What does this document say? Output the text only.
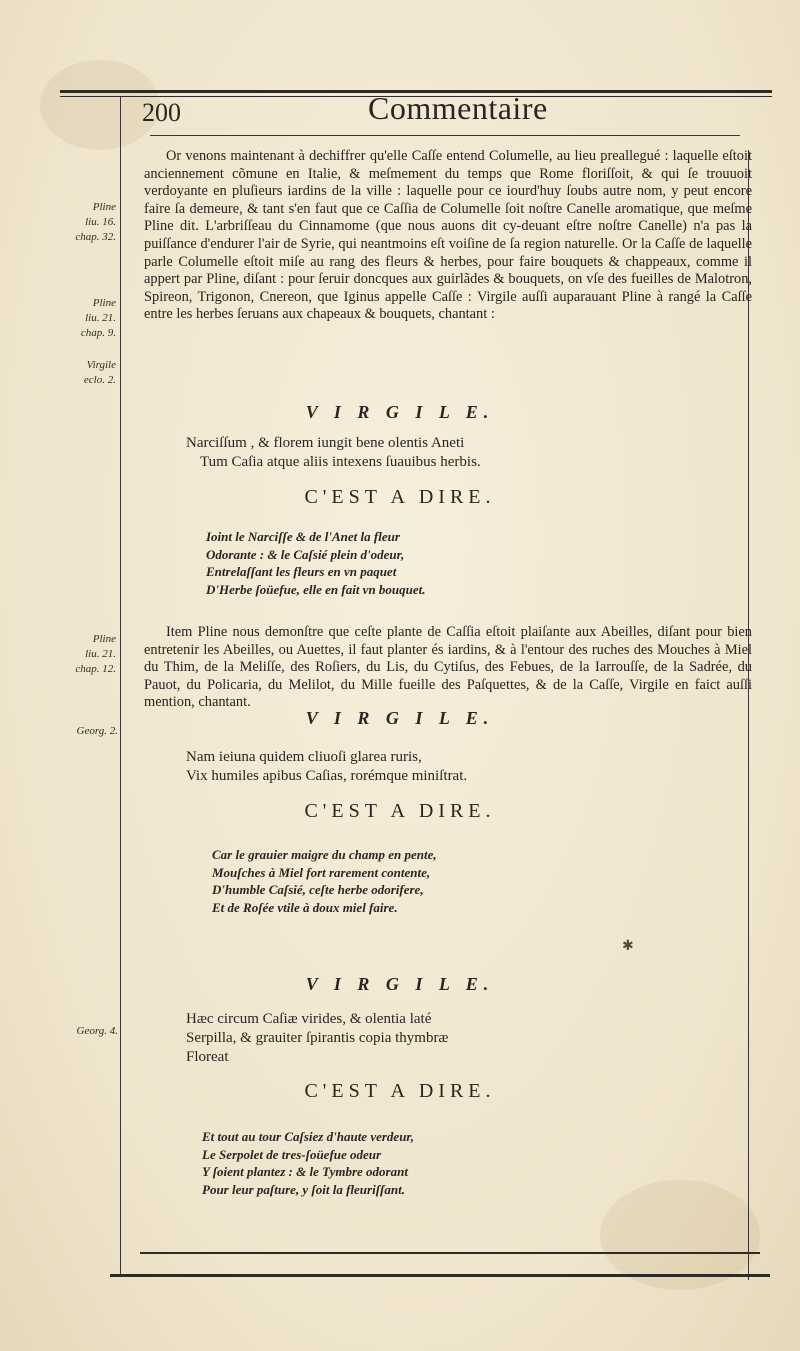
200	Commentaire
Pline
liu. 16.
chap. 32.
Pline
liu. 21.
chap. 9.
Virgile
eclo. 2.
Pline
liu. 21.
chap. 12.
Georg. 2.
Georg. 4.

Or venons maintenant à dechiffrer qu'elle Caſſe entend Columelle, au lieu preallegué : laquelle eſtoit anciennement cõmune en Italie, & meſmement du temps que Rome floriſſoit, & qui ſe trouuoit verdoyante en pluſieurs iardins de la ville : laquelle pour ce iourd'huy ſoubs autre nom, y peut encore faire ſa demeure, & tant s'en faut que ce Caſſia de Columelle ſoit noſtre Canelle aromatique, que meſme Pline dit. L'arbriſſeau du Cinnamome (que nous auons dit cy-deuant eſtre noſtre Canelle) n'a pas la puiſſance d'endurer l'air de Syrie, qui neantmoins eſt voiſine de ſa region naturelle. Or la Caſſe de laquelle parle Columelle eſtoit miſe au rang des fleurs & herbes, pour faire bouquets & chappeaux, comme il appert par Pline, diſant : pour ſeruir doncques aux guirlãdes & bouquets, on vſe des fueilles de Malotron, Spireon, Trigonon, Cnereon, que Iginus appelle Caſſe : Virgile auſſi auparauant Pline à rangé la Caſſe entre les herbes ſeruans aux chapeaux & bouquets, chantant :

V I R G I L E.
Narciſſum , & florem iungit bene olentis Aneti
Tum Caſia atque aliis intexens ſuauibus herbis.
C'EST A DIRE.
Ioint le Narciſſe & de l'Anet la fleur
Odorante : & le Caſsié plein d'odeur,
Entrelaſſant les fleurs en vn paquet
D'Herbe ſoüefue, elle en fait vn bouquet.

Item Pline nous demonſtre que ceſte plante de Caſſia eſtoit plaiſante aux Abeilles, diſant pour bien entretenir les Abeilles, ou Auettes, il faut planter és iardins, & à l'entour des ruches des Mouches à Miel du Thim, de la Meliſſe, des Roſiers, du Lis, du Cytiſus, des Febues, de la Iarrouſſe, de la Sadrée, du Pauot, du Policaria, du Melilot, du Mille fueille des Paſquettes, & de la Caſſe, Virgile en faict auſſi mention, chantant.

V I R G I L E.
Nam ieiuna quidem cliuoſi glarea ruris,
Vix humiles apibus Caſias, rorémque miniſtrat.
C'EST A DIRE.
Car le grauier maigre du champ en pente,
Mouſches à Miel fort rarement contente,
D'humble Caſsié, ceſte herbe odorifere,
Et de Roſée vtile à doux miel faire.
✱
V I R G I L E.
Hæc circum Caſiæ virides, & olentia laté
Serpilla, & grauiter ſpirantis copia thymbræ
Floreat
C'EST A DIRE.
Et tout au tour Caſsiez d'haute verdeur,
Le Serpolet de tres-ſoüefue odeur
Y ſoient plantez : & le Tymbre odorant
Pour leur paſture, y ſoit la fleuriſſant.
